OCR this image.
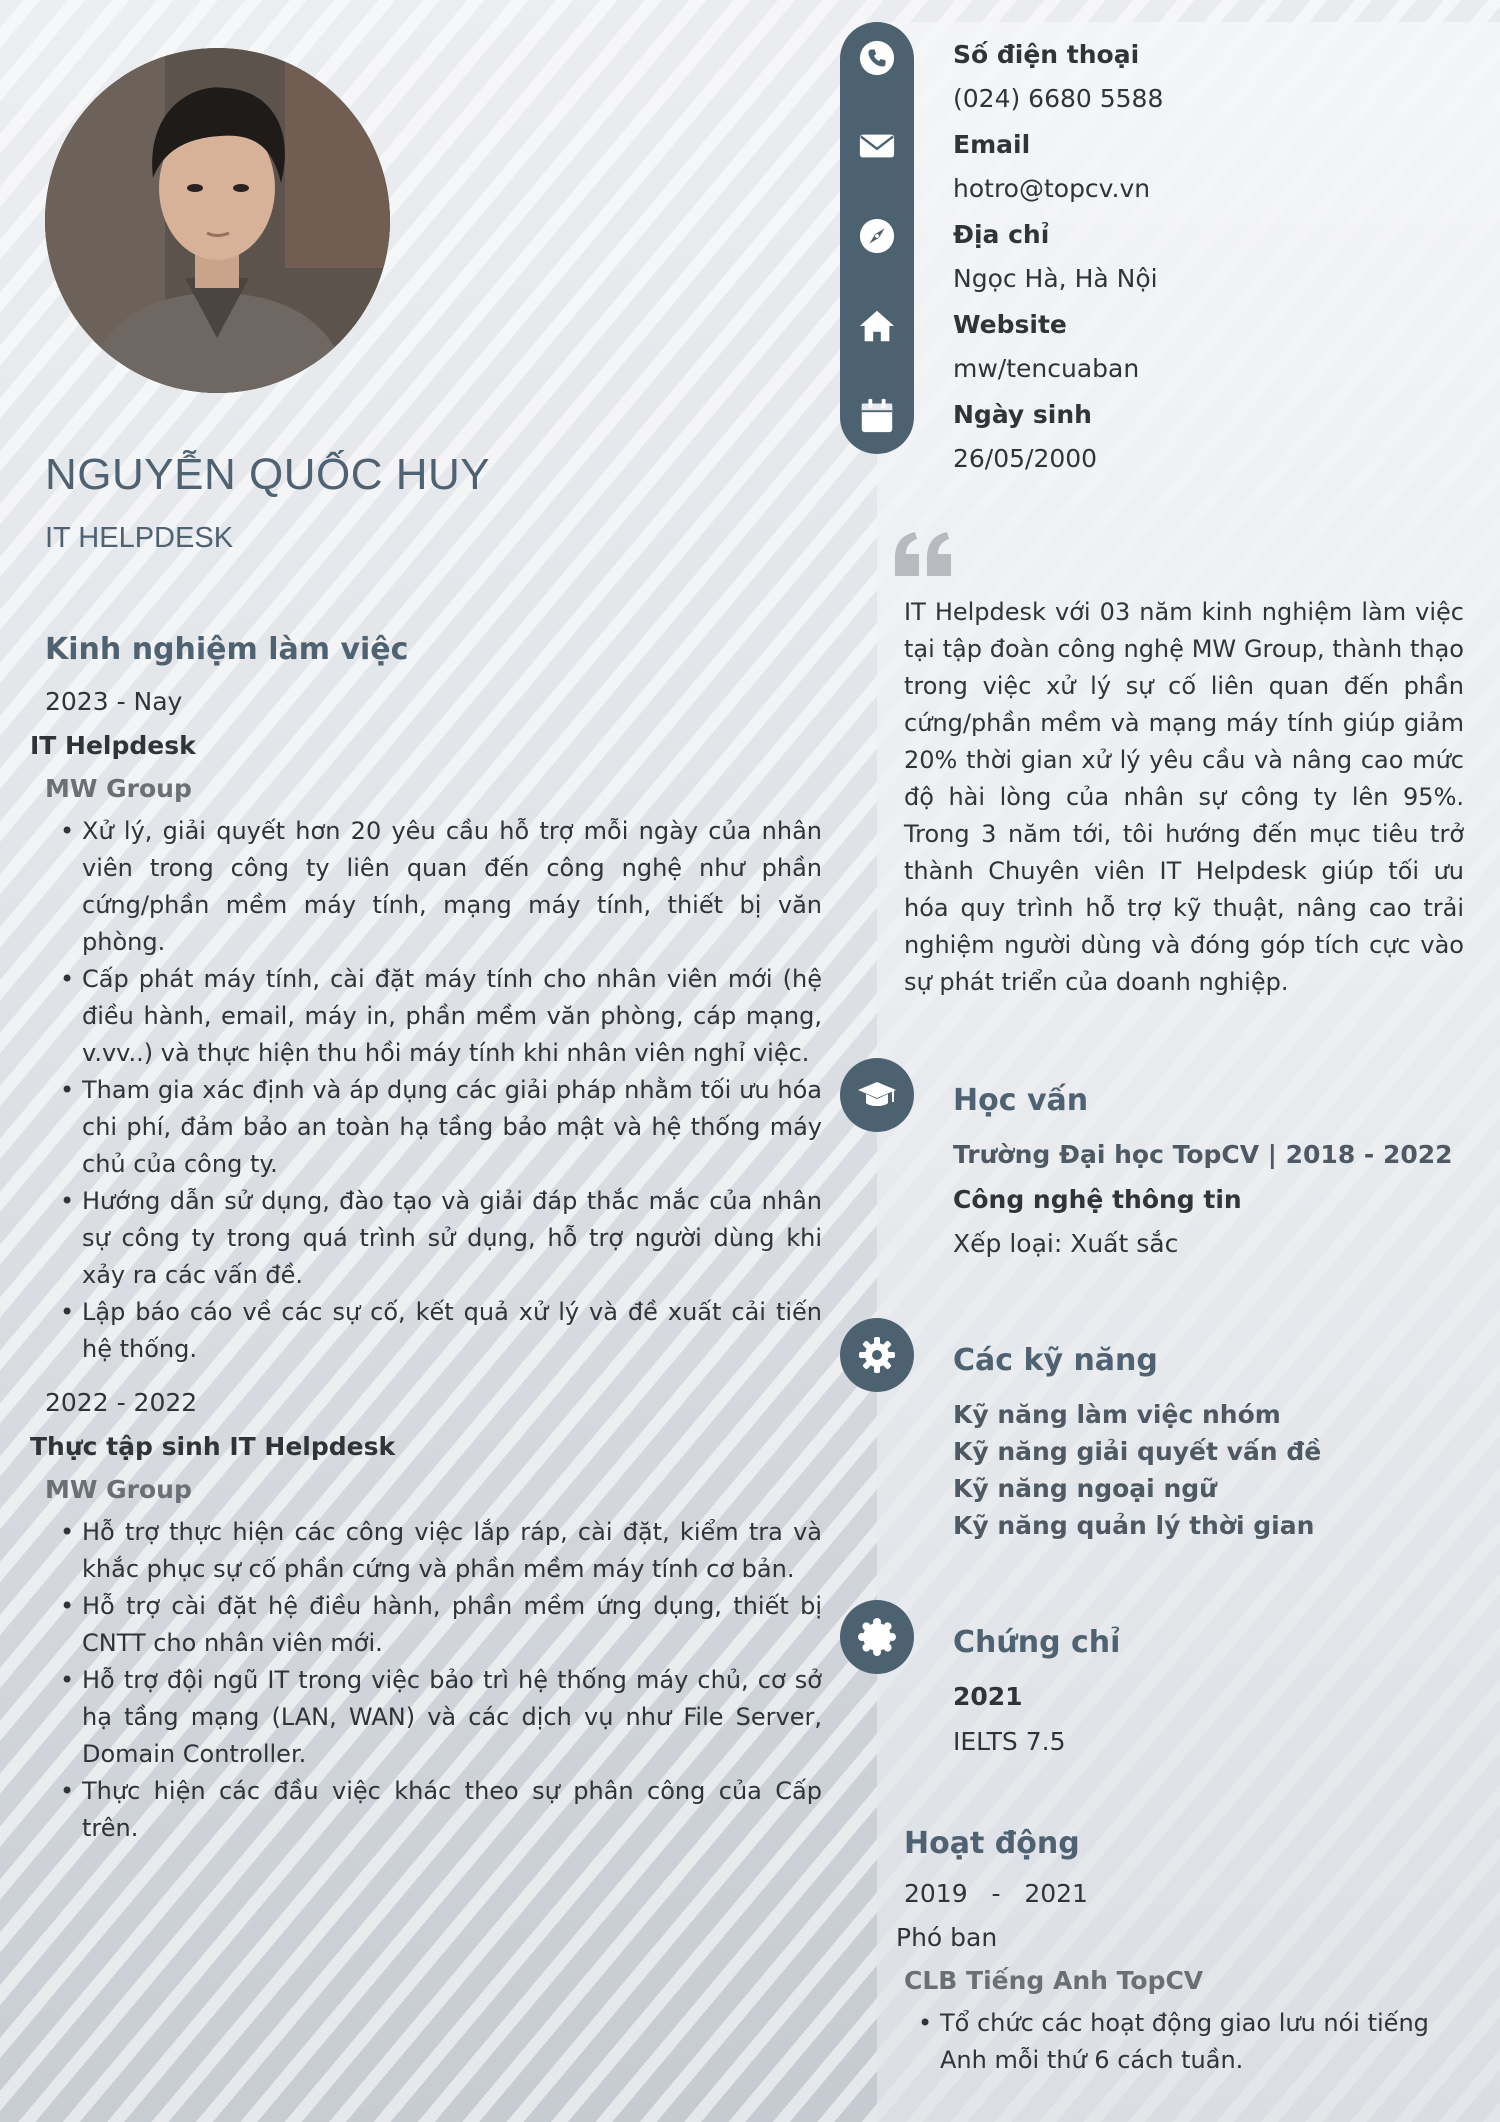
NGUYỄN QUỐC HUY
IT HELPDESK
Kinh nghiệm làm việc
2023 - Nay
IT Helpdesk
MW Group
• Xử lý, giải quyết hơn 20 yêu cầu hỗ trợ mỗi ngày của nhân viên trong công ty liên quan đến công nghệ như phần cứng/phần mềm máy tính, mạng máy tính, thiết bị văn phòng.
• Cấp phát máy tính, cài đặt máy tính cho nhân viên mới (hệ điều hành, email, máy in, phần mềm văn phòng, cáp mạng, v.vv..) và thực hiện thu hồi máy tính khi nhân viên nghỉ việc.
• Tham gia xác định và áp dụng các giải pháp nhằm tối ưu hóa chi phí, đảm bảo an toàn hạ tầng bảo mật và hệ thống máy chủ của công ty.
• Hướng dẫn sử dụng, đào tạo và giải đáp thắc mắc của nhân sự công ty trong quá trình sử dụng, hỗ trợ người dùng khi xảy ra các vấn đề.
• Lập báo cáo về các sự cố, kết quả xử lý và đề xuất cải tiến hệ thống.
2022 - 2022
Thực tập sinh IT Helpdesk
MW Group
• Hỗ trợ thực hiện các công việc lắp ráp, cài đặt, kiểm tra và khắc phục sự cố phần cứng và phần mềm máy tính cơ bản.
• Hỗ trợ cài đặt hệ điều hành, phần mềm ứng dụng, thiết bị CNTT cho nhân viên mới.
• Hỗ trợ đội ngũ IT trong việc bảo trì hệ thống máy chủ, cơ sở hạ tầng mạng (LAN, WAN) và các dịch vụ như File Server, Domain Controller.
• Thực hiện các đầu việc khác theo sự phân công của Cấp trên.
Số điện thoại
(024) 6680 5588
Email
hotro@topcv.vn
Địa chỉ
Ngọc Hà, Hà Nội
Website
mw/tencuaban
Ngày sinh
26/05/2000
IT Helpdesk với 03 năm kinh nghiệm làm việc tại tập đoàn công nghệ MW Group, thành thạo trong việc xử lý sự cố liên quan đến phần cứng/phần mềm và mạng máy tính giúp giảm 20% thời gian xử lý yêu cầu và nâng cao mức độ hài lòng của nhân sự công ty lên 95%. Trong 3 năm tới, tôi hướng đến mục tiêu trở thành Chuyên viên IT Helpdesk giúp tối ưu hóa quy trình hỗ trợ kỹ thuật, nâng cao trải nghiệm người dùng và đóng góp tích cực vào sự phát triển của doanh nghiệp.
Học vấn
Trường Đại học TopCV | 2018 - 2022
Công nghệ thông tin
Xếp loại: Xuất sắc
Các kỹ năng
Kỹ năng làm việc nhóm
Kỹ năng giải quyết vấn đề
Kỹ năng ngoại ngữ
Kỹ năng quản lý thời gian
Chứng chỉ
2021
IELTS 7.5
Hoạt động
2019   -   2021
Phó ban
CLB Tiếng Anh TopCV
• Tổ chức các hoạt động giao lưu nói tiếng Anh mỗi thứ 6 cách tuần.
